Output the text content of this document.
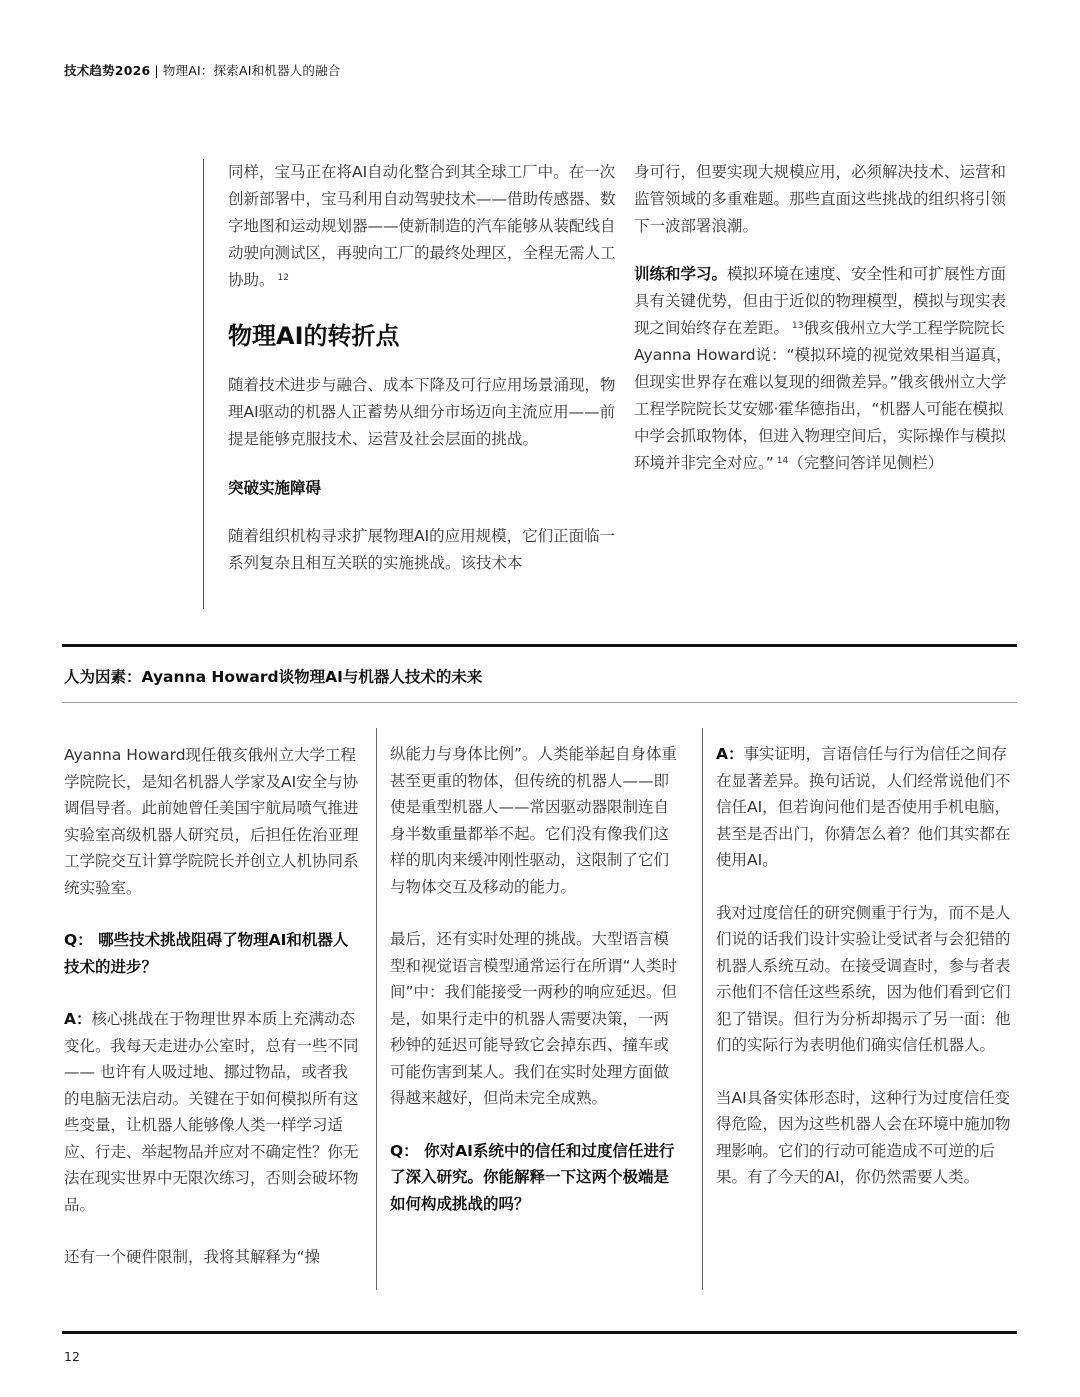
技术趋势2026 | 物理AI：探索AI和机器人的融合

同样，宝马正在将AI自动化整合到其全球工厂中。在一次创新部署中，宝马利用自动驾驶技术——借助传感器、数字地图和运动规划器——使新制造的汽车能够从装配线自动驶向测试区，再驶向工厂的最终处理区，全程无需人工协助。 $^{12}$

物理AI的转折点

随着技术进步与融合、成本下降及可行应用场景涌现，物理AI驱动的机器人正蓄势从细分市场迈向主流应用——前提是能够克服技术、运营及社会层面的挑战。

突破实施障碍

随着组织机构寻求扩展物理AI的应用规模，它们正面临一系列复杂且相互关联的实施挑战。该技术本

身可行，但要实现大规模应用，必须解决技术、运营和监管领域的多重难题。那些直面这些挑战的组织将引领下一波部署浪潮。

训练和学习。模拟环境在速度、安全性和可扩展性方面具有关键优势，但由于近似的物理模型，模拟与现实表现之间始终存在差距。 $^{13}$俄亥俄州立大学工程学院院长Ayanna Howard说：“模拟环境的视觉效果相当逼真，但现实世界存在难以复现的细微差异。”俄亥俄州立大学工程学院院长艾安娜·霍华德指出，“机器人可能在模拟中学会抓取物体，但进入物理空间后，实际操作与模拟环境并非完全对应。” $^{14}$（完整问答详见侧栏）

人为因素：Ayanna Howard谈物理AI与机器人技术的未来

Ayanna Howard现任俄亥俄州立大学工程学院院长，是知名机器人学家及AI安全与协调倡导者。此前她曾任美国宇航局喷气推进实验室高级机器人研究员，后担任佐治亚理工学院交互计算学院院长并创立人机协同系统实验室。

Q： 哪些技术挑战阻碍了物理AI和机器人技术的进步？

A：核心挑战在于物理世界本质上充满动态变化。我每天走进办公室时，总有一些不同—— 也许有人吸过地、挪过物品，或者我的电脑无法启动。关键在于如何模拟所有这些变量，让机器人能够像人类一样学习适应、行走、举起物品并应对不确定性？你无法在现实世界中无限次练习，否则会破坏物品。

还有一个硬件限制，我将其解释为“操

纵能力与身体比例”。人类能举起自身体重甚至更重的物体，但传统的机器人——即使是重型机器人——常因驱动器限制连自身半数重量都举不起。它们没有像我们这样的肌肉来缓冲刚性驱动，这限制了它们与物体交互及移动的能力。

最后，还有实时处理的挑战。大型语言模型和视觉语言模型通常运行在所谓“人类时间”中：我们能接受一两秒的响应延迟。但是，如果行走中的机器人需要决策，一两秒钟的延迟可能导致它会掉东西、撞车或可能伤害到某人。我们在实时处理方面做得越来越好，但尚未完全成熟。

Q： 你对AI系统中的信任和过度信任进行了深入研究。你能解释一下这两个极端是如何构成挑战的吗？

A：事实证明，言语信任与行为信任之间存在显著差异。换句话说，人们经常说他们不信任AI，但若询问他们是否使用手机电脑，甚至是否出门，你猜怎么着？他们其实都在使用AI。

我对过度信任的研究侧重于行为，而不是人们说的话我们设计实验让受试者与会犯错的机器人系统互动。在接受调查时，参与者表示他们不信任这些系统，因为他们看到它们犯了错误。但行为分析却揭示了另一面：他们的实际行为表明他们确实信任机器人。

当AI具备实体形态时，这种行为过度信任变得危险，因为这些机器人会在环境中施加物理影响。它们的行动可能造成不可逆的后果。有了今天的AI，你仍然需要人类。

12
